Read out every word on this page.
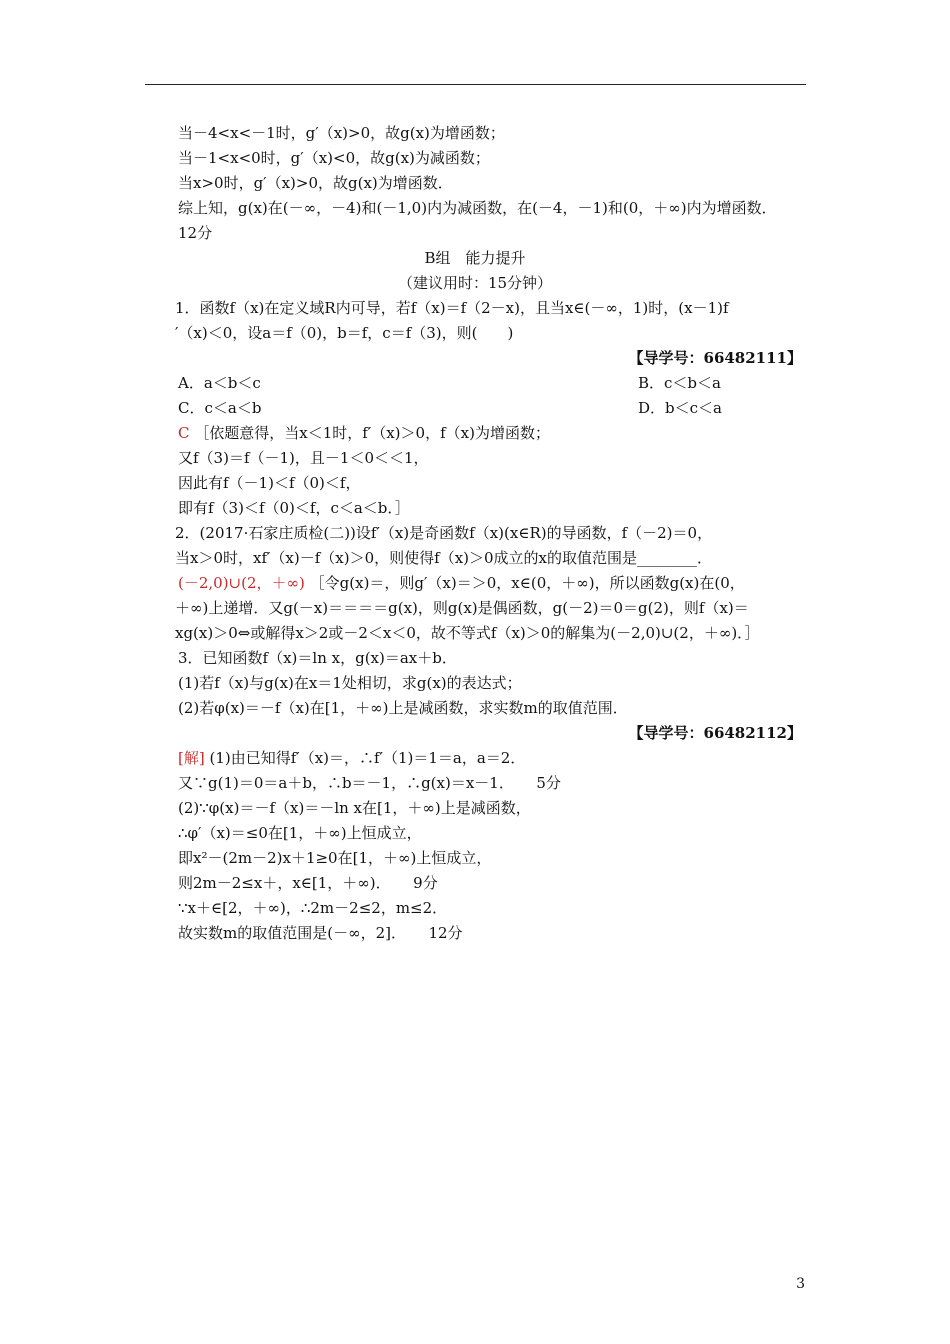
当－4<x<－1时，g′（x)>0，故g(x)为增函数；
当－1<x<0时，g′（x)<0，故g(x)为减函数；
当x>0时，g′（x)>0，故g(x)为增函数．
综上知，g(x)在(－∞，－4)和(－1,0)内为减函数，在(－4，－1)和(0，＋∞)内为增函数．
12分
B组　能力提升
（建议用时：15分钟）
1．函数f（x)在定义域R内可导，若f（x)＝f（2－x)，且当x∈(－∞，1)时，(x－1)f
′（x)＜0，设a＝f（0)，b＝f，c＝f（3)，则(　　)
【导学号：66482111】
A．a＜b＜c	B．c＜b＜a
C．c＜a＜b	D．b＜c＜a
C ［依题意得，当x＜1时，f′（x)＞0，f（x)为增函数；
又f（3)＝f（－1)，且－1＜0＜＜1，
因此有f（－1)＜f（0)＜f，
即有f（3)＜f（0)＜f，c＜a＜b．］
2．(2017·石家庄质检(二))设f′（x)是奇函数f（x)(x∈R)的导函数，f（－2)＝0，
当x＞0时，xf′（x)－f（x)＞0，则使得f（x)＞0成立的x的取值范围是________．
(－2,0)∪(2，＋∞) ［令g(x)＝，则g′（x)＝＞0，x∈(0，＋∞)，所以函数g(x)在(0，
＋∞)上递增．又g(－x)＝＝＝＝g(x)，则g(x)是偶函数，g(－2)＝0＝g(2)，则f（x)＝
xg(x)＞0⇔或解得x＞2或－2＜x＜0，故不等式f（x)＞0的解集为(－2,0)∪(2，＋∞)．］
3．已知函数f（x)＝ln x，g(x)＝ax＋b．
(1)若f（x)与g(x)在x＝1处相切，求g(x)的表达式；
(2)若φ(x)＝－f（x)在[1，＋∞)上是减函数，求实数m的取值范围．
【导学号：66482112】
[解] (1)由已知得f′（x)＝，∴f′（1)＝1＝a，a＝2．
又∵g(1)＝0＝a＋b，∴b＝－1，∴g(x)＝x－1．　　5分
(2)∵φ(x)＝－f（x)＝－ln x在[1，＋∞)上是减函数，
∴φ′（x)＝≤0在[1，＋∞)上恒成立，
即x²－(2m－2)x＋1≥0在[1，＋∞)上恒成立，
则2m－2≤x＋，x∈[1，＋∞)．　　9分
∵x＋∈[2，＋∞)，∴2m－2≤2，m≤2．
故实数m的取值范围是(－∞，2]．　　12分
3
